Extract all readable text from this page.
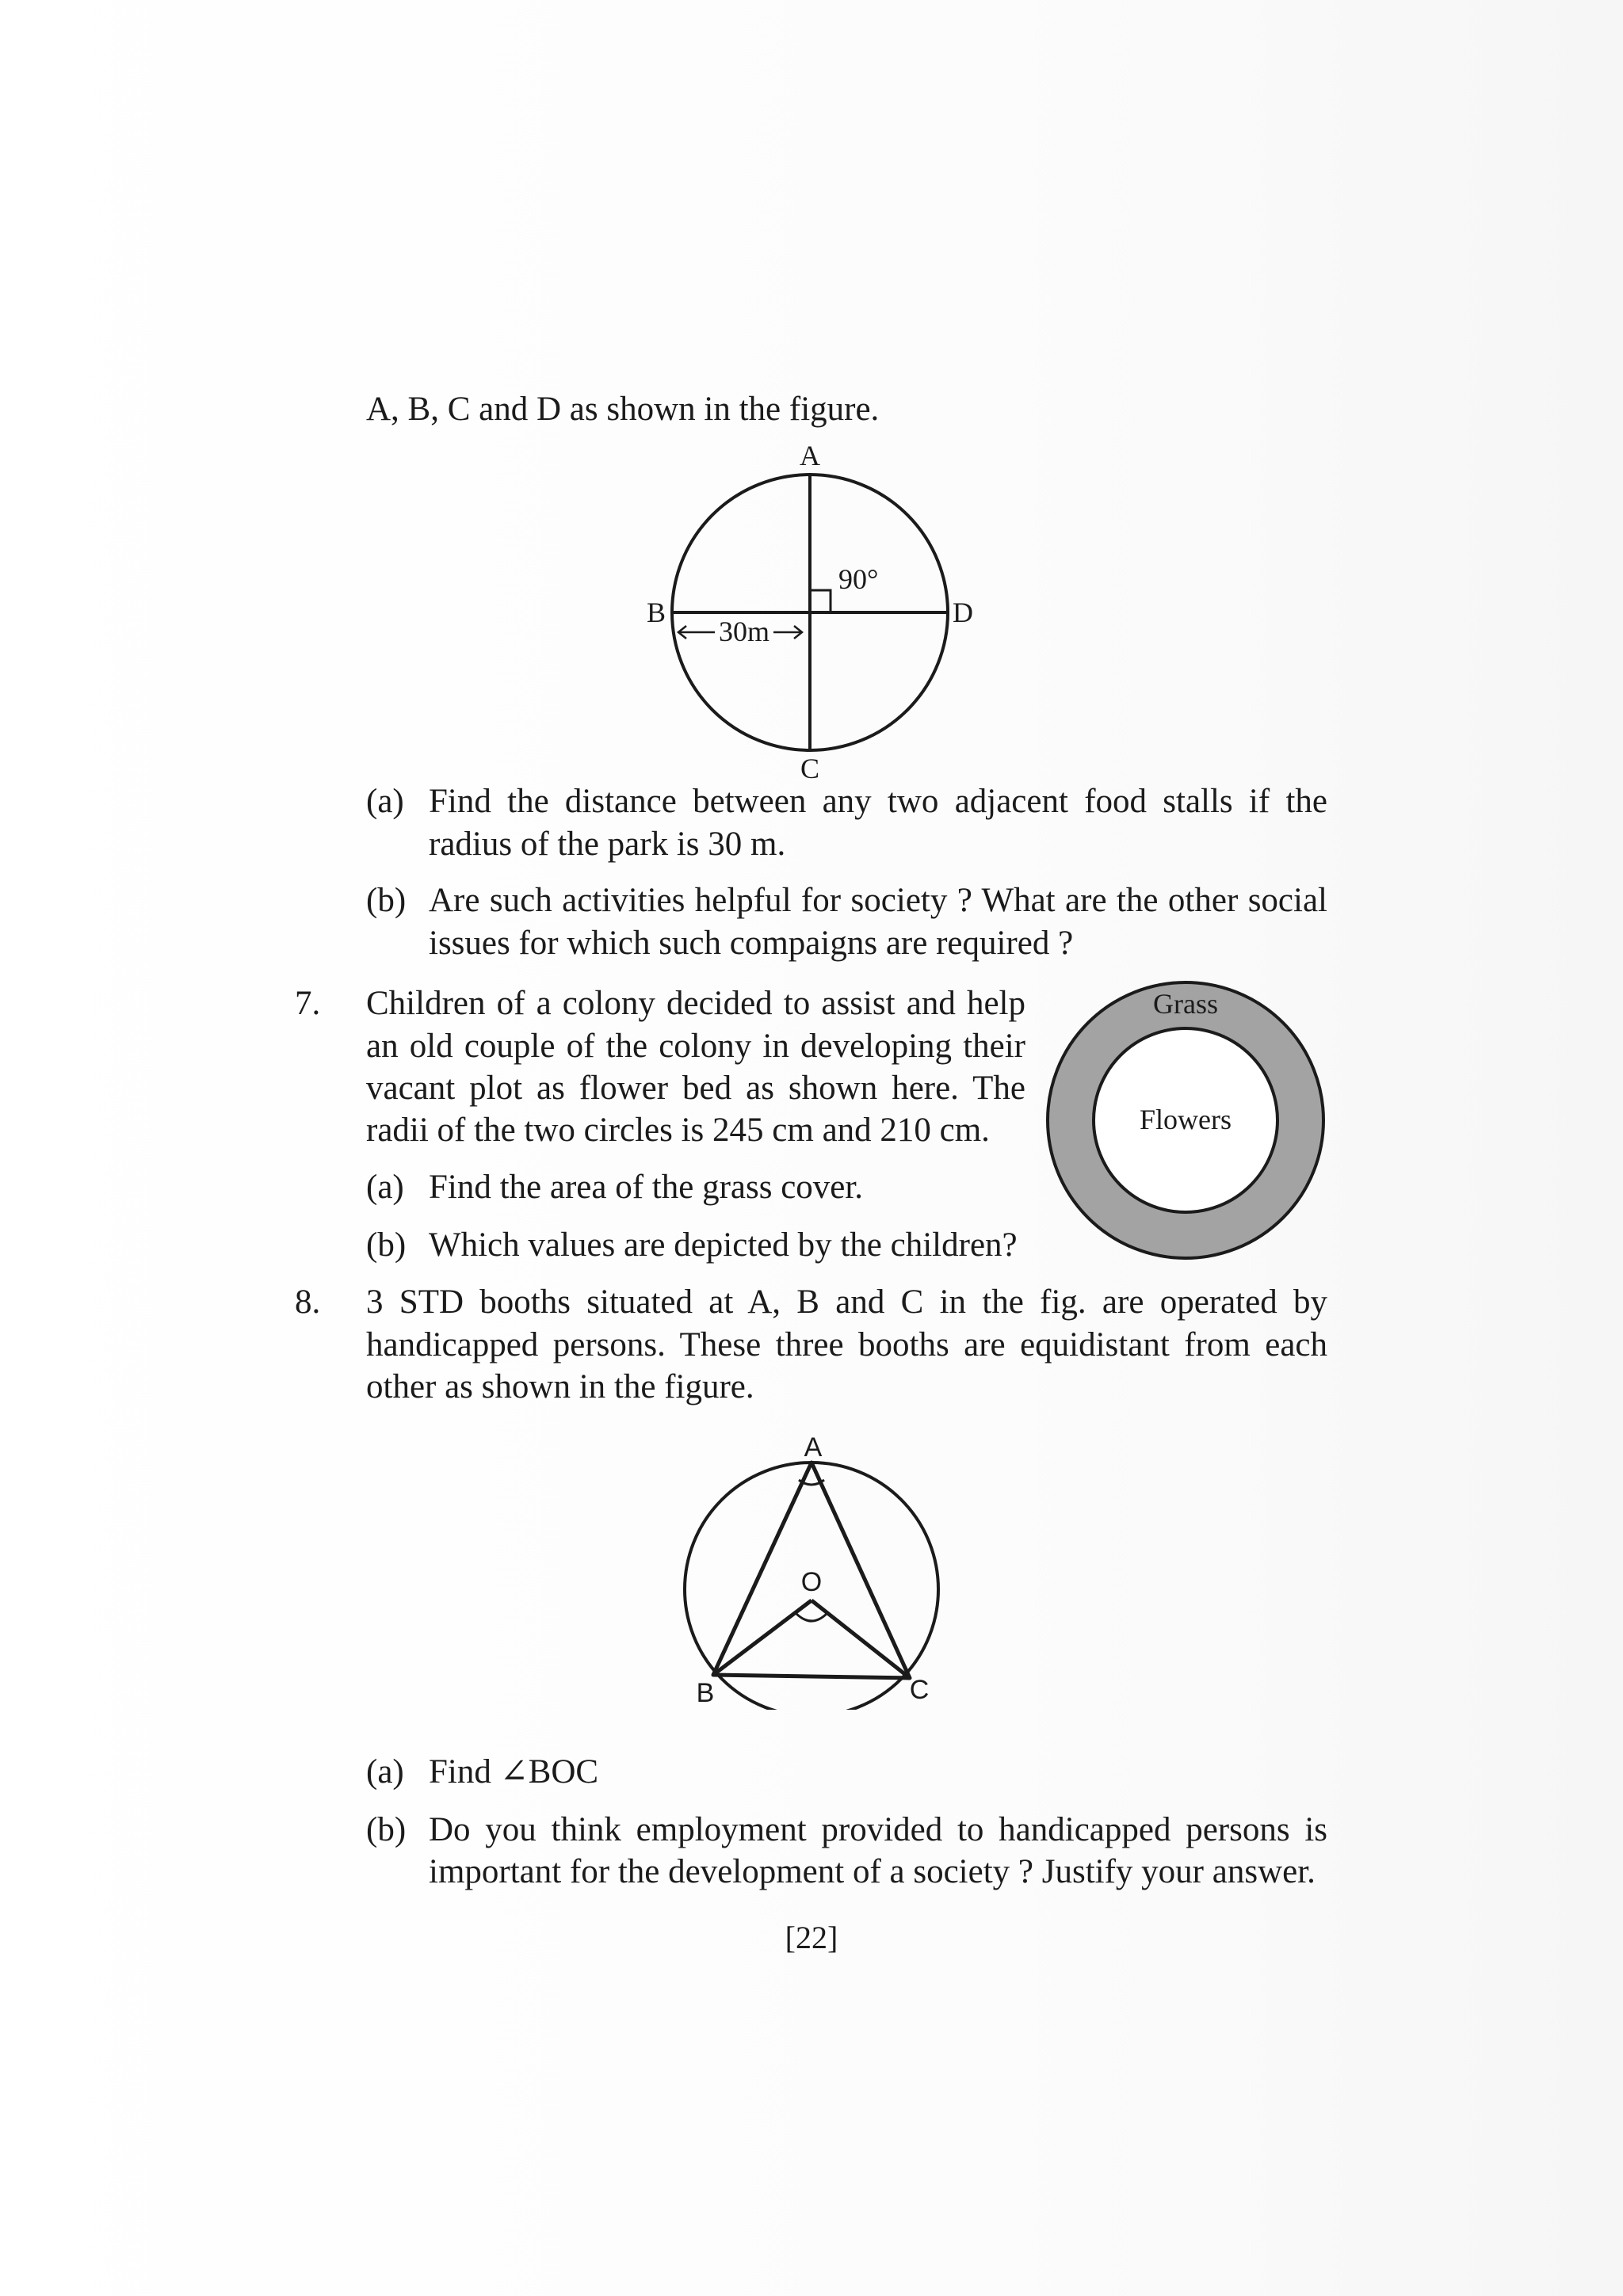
A, B, C and D as shown in the figure.
A
B
C
D
90°
30m
(a) Find the distance between any two adjacent food stalls if the
radius of the park is 30 m.
(b) Are such activities helpful for society ? What are the other social
issues for which such compaigns are required ?
7. Children of a colony decided to assist and help
an old couple of the colony in developing their
vacant plot as flower bed as shown here. The
radii of the two circles is 245 cm and 210 cm.
(a) Find the area of the grass cover.
(b) Which values are depicted by the children?
Grass
Flowers
8. 3 STD booths situated at A, B and C in the fig. are operated by
handicapped persons. These three booths are equidistant from each
other as shown in the figure.
A
O
B	C
(a) Find ∠BOC
(b) Do you think employment provided to handicapped persons is
important for the development of a society ? Justify your answer.
[22]
